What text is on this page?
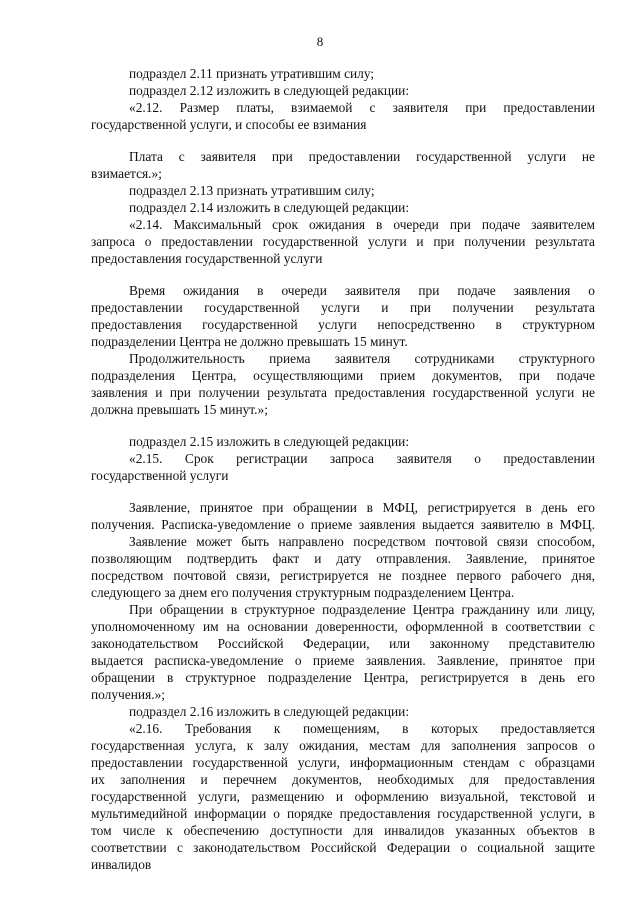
8
подраздел 2.11 признать утратившим силу;
подраздел 2.12 изложить в следующей редакции:
«2.12. Размер платы, взимаемой с заявителя при предоставлении
государственной услуги, и способы ее взимания
Плата с заявителя при предоставлении государственной услуги не
взимается.»;
подраздел 2.13 признать утратившим силу;
подраздел 2.14 изложить в следующей редакции:
«2.14. Максимальный срок ожидания в очереди при подаче заявителем
запроса о предоставлении государственной услуги и при получении результата
предоставления государственной услуги
Время ожидания в очереди заявителя при подаче заявления о
предоставлении государственной услуги и при получении результата
предоставления государственной услуги непосредственно в структурном
подразделении Центра не должно превышать 15 минут.
Продолжительность приема заявителя сотрудниками структурного
подразделения Центра, осуществляющими прием документов, при подаче
заявления и при получении результата предоставления государственной услуги не
должна превышать 15 минут.»;
подраздел 2.15 изложить в следующей редакции:
«2.15. Срок регистрации запроса заявителя о предоставлении
государственной услуги
Заявление, принятое при обращении в МФЦ, регистрируется в день его
получения. Расписка-уведомление о приеме заявления выдается заявителю в МФЦ.
Заявление может быть направлено посредством почтовой связи способом,
позволяющим подтвердить факт и дату отправления. Заявление, принятое
посредством почтовой связи, регистрируется не позднее первого рабочего дня,
следующего за днем его получения структурным подразделением Центра.
При обращении в структурное подразделение Центра гражданину или лицу,
уполномоченному им на основании доверенности, оформленной в соответствии с
законодательством Российской Федерации, или законному представителю
выдается расписка-уведомление о приеме заявления. Заявление, принятое при
обращении в структурное подразделение Центра, регистрируется в день его
получения.»;
подраздел 2.16 изложить в следующей редакции:
«2.16. Требования к помещениям, в которых предоставляется
государственная услуга, к залу ожидания, местам для заполнения запросов о
предоставлении государственной услуги, информационным стендам с образцами
их заполнения и перечнем документов, необходимых для предоставления
государственной услуги, размещению и оформлению визуальной, текстовой и
мультимедийной информации о порядке предоставления государственной услуги, в
том числе к обеспечению доступности для инвалидов указанных объектов в
соответствии с законодательством Российской Федерации о социальной защите
инвалидов
